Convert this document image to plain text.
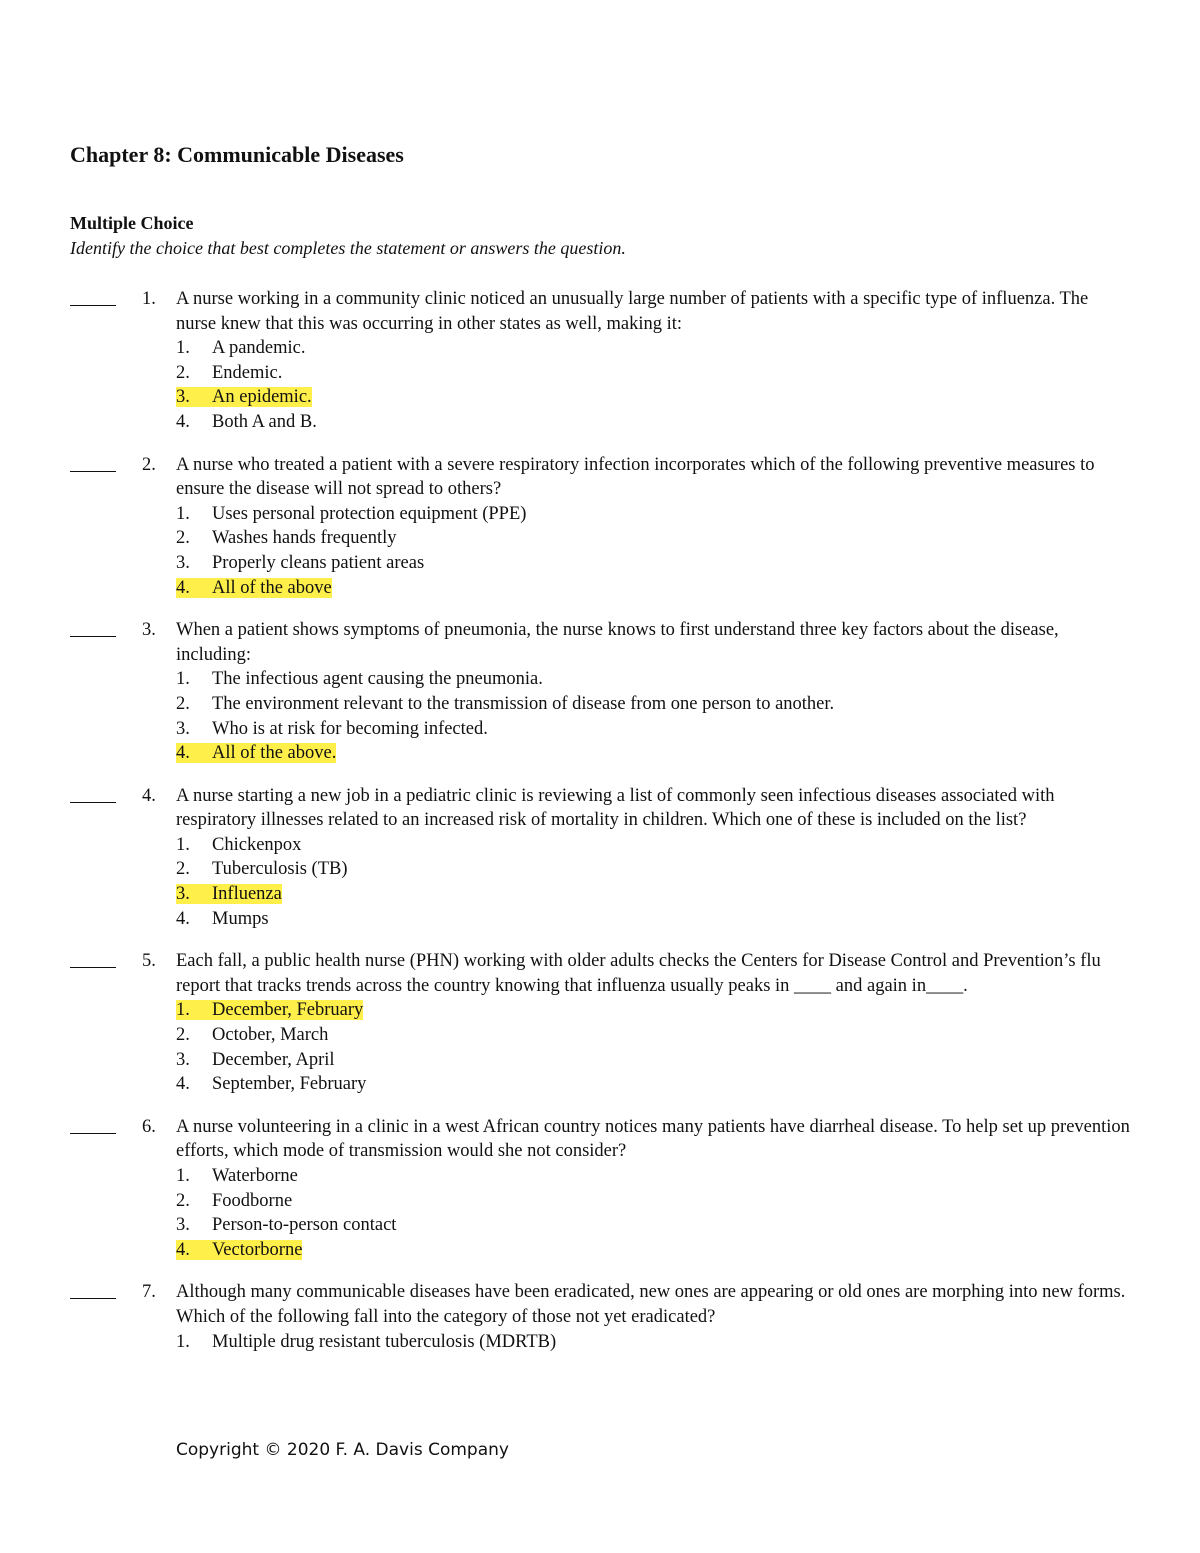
Chapter 8: Communicable Diseases
Multiple Choice
Identify the choice that best completes the statement or answers the question.
1. A nurse working in a community clinic noticed an unusually large number of patients with a specific type of influenza. The nurse knew that this was occurring in other states as well, making it:
1. A pandemic.
2. Endemic.
3. An epidemic.
4. Both A and B.
2. A nurse who treated a patient with a severe respiratory infection incorporates which of the following preventive measures to ensure the disease will not spread to others?
1. Uses personal protection equipment (PPE)
2. Washes hands frequently
3. Properly cleans patient areas
4. All of the above
3. When a patient shows symptoms of pneumonia, the nurse knows to first understand three key factors about the disease, including:
1. The infectious agent causing the pneumonia.
2. The environment relevant to the transmission of disease from one person to another.
3. Who is at risk for becoming infected.
4. All of the above.
4. A nurse starting a new job in a pediatric clinic is reviewing a list of commonly seen infectious diseases associated with respiratory illnesses related to an increased risk of mortality in children. Which one of these is included on the list?
1. Chickenpox
2. Tuberculosis (TB)
3. Influenza
4. Mumps
5. Each fall, a public health nurse (PHN) working with older adults checks the Centers for Disease Control and Prevention’s flu report that tracks trends across the country knowing that influenza usually peaks in ____ and again in____.
1. December, February
2. October, March
3. December, April
4. September, February
6. A nurse volunteering in a clinic in a west African country notices many patients have diarrheal disease. To help set up prevention efforts, which mode of transmission would she not consider?
1. Waterborne
2. Foodborne
3. Person-to-person contact
4. Vectorborne
7. Although many communicable diseases have been eradicated, new ones are appearing or old ones are morphing into new forms. Which of the following fall into the category of those not yet eradicated?
1. Multiple drug resistant tuberculosis (MDRTB)
Copyright © 2020 F. A. Davis Company
